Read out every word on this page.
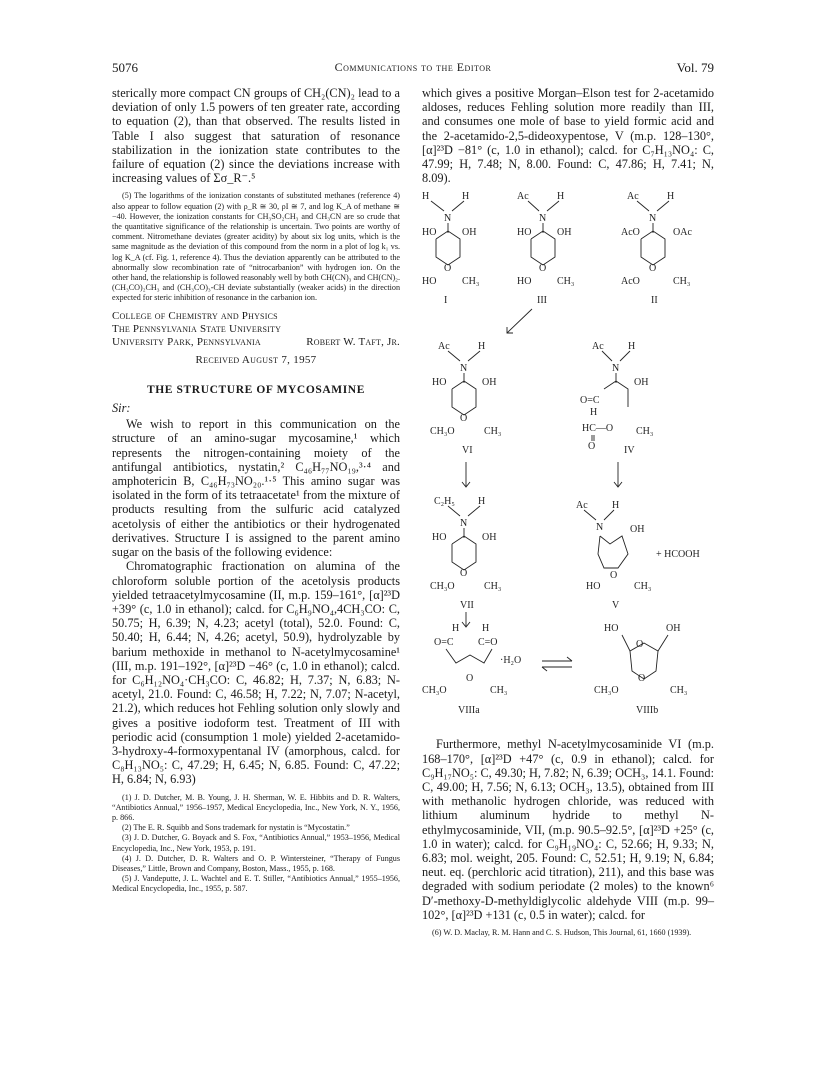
5076	Communications to the Editor	Vol. 79

sterically more compact CN groups of CH₂(CN)₂ lead to a deviation of only 1.5 powers of ten greater rate, according to equation (2), than that observed. The results listed in Table I also suggest that saturation of resonance stabilization in the ionization state contributes to the failure of equation (2) since the deviations increase with increasing values of Σσ_R⁻.⁵

(5) The logarithms of the ionization constants of substituted methanes (reference 4) also appear to follow equation (2) with ρ_R ≅ 30, ρI ≅ 7, and log K_A of methane ≅ −40. However, the ionization constants for CH₃SO₂CH₃ and CH₃CN are so crude that the quantitative significance of the relationship is uncertain. Two points are worthy of comment. Nitromethane deviates (greater acidity) by about six log units, which is the same magnitude as the deviation of this compound from the norm in a plot of log k₁ vs. log K_A (cf. Fig. 1, reference 4). Thus the deviation apparently can be attributed to the abnormally slow recombination rate of “nitrocarbanion” with hydrogen ion. On the other hand, the relationship is followed reasonably well by both CH(CN)₃ and CH(CN)₂. (CH₃CO)₂CH₃ and (CH₃CO)₃-CH deviate substantially (weaker acids) in the direction expected for steric inhibition of resonance in the carbanion ion.

College of Chemistry and Physics
The Pennsylvania State University
University Park, Pennsylvania	Robert W. Taft, Jr.
Received August 7, 1957
THE STRUCTURE OF MYCOSAMINE
Sir:

We wish to report in this communication on the structure of an amino-sugar mycosamine,¹ which represents the nitrogen-containing moiety of the antifungal antibiotics, nystatin,² C₄₆H₇₇NO₁₉,³·⁴ and amphotericin B, C₄₆H₇₃NO₂₀.¹·⁵ This amino sugar was isolated in the form of its tetraacetate¹ from the mixture of products resulting from the sulfuric acid catalyzed acetolysis of either the antibiotics or their hydrogenated derivatives. Structure I is assigned to the parent amino sugar on the basis of the following evidence:

Chromatographic fractionation on alumina of the chloroform soluble portion of the acetolysis products yielded tetraacetylmycosamine (II, m.p. 159–161°, [α]²³D +39° (c, 1.0 in ethanol); calcd. for C₆H₉NO₄,4CH₃CO: C, 50.75; H, 6.39; N, 4.23; acetyl (total), 52.0. Found: C, 50.40; H, 6.44; N, 4.26; acetyl, 50.9), hydrolyzable by barium methoxide in methanol to N-acetylmycosamine¹ (III, m.p. 191–192°, [α]²³D −46° (c, 1.0 in ethanol); calcd. for C₆H₁₂NO₄·CH₃CO: C, 46.82; H, 7.37; N, 6.83; N-acetyl, 21.0. Found: C, 46.58; H, 7.22; N, 7.07; N-acetyl, 21.2), which reduces hot Fehling solution only slowly and gives a positive iodoform test. Treatment of III with periodic acid (consumption 1 mole) yielded 2-acetamido-3-hydroxy-4-formoxypentanal IV (amorphous, calcd. for C₈H₁₃NO₅: C, 47.29; H, 6.45; N, 6.85. Found: C, 47.22; H, 6.84; N, 6.93)

(1) J. D. Dutcher, M. B. Young, J. H. Sherman, W. E. Hibbits and D. R. Walters, “Antibiotics Annual,” 1956–1957, Medical Encyclopedia, Inc., New York, N. Y., 1956, p. 866.

(2) The E. R. Squibb and Sons trademark for nystatin is “Mycostatin.”

(3) J. D. Dutcher, G. Boyack and S. Fox, “Antibiotics Annual,” 1953–1956, Medical Encyclopedia, Inc., New York, 1953, p. 191.

(4) J. D. Dutcher, D. R. Walters and O. P. Wintersteiner, “Therapy of Fungus Diseases,” Little, Brown and Company, Boston, Mass., 1955, p. 168.

(5) J. Vandeputte, J. L. Wachtel and E. T. Stiller, “Antibiotics Annual,” 1955–1956, Medical Encyclopedia, Inc., 1955, p. 587.

which gives a positive Morgan–Elson test for 2-acetamido aldoses, reduces Fehling solution more readily than III, and consumes one mole of base to yield formic acid and the 2-acetamido-2,5-dideoxypentose, V (m.p. 128–130°, [α]²³D −81° (c, 1.0 in ethanol); calcd. for C₇H₁₃NO₄: C, 47.99; H, 7.48; N, 8.00. Found: C, 47.86; H, 7.41; N, 8.09).

H	H
N
HO	OH
O
HO	CH₃
I
Ac	H
N
HO	OH
O
HO	CH₃
III
Ac	H
N
AcO	OAc
O
AcO	CH₃
II
Ac	H
N
HO	OH
O
CH₃O	CH₃
VI
Ac H
N
OH
O=C
H
HC—O
O
CH₃
IV
C₂H₅ H
N
HO	OH
O
CH₃O	CH₃
VII
Ac H
N	OH
O
HO	CH₃
V
+ HCOOH
H H
O=C C=O
·H₂O
O
CH₃O	CH₃
VIIIa
HO	OH
O
O
CH₃O	CH₃
VIIIb

Furthermore, methyl N-acetylmycosaminide VI (m.p. 168–170°, [α]²³D +47° (c, 0.9 in ethanol); calcd. for C₉H₁₇NO₅: C, 49.30; H, 7.82; N, 6.39; OCH₃, 14.1. Found: C, 49.00; H, 7.56; N, 6.13; OCH₃, 13.5), obtained from III with methanolic hydrogen chloride, was reduced with lithium aluminum hydride to methyl N-ethylmycosaminide, VII, (m.p. 90.5–92.5°, [α]²³D +25° (c, 1.0 in water); calcd. for C₉H₁₉NO₄: C, 52.66; H, 9.33; N, 6.83; mol. weight, 205. Found: C, 52.51; H, 9.19; N, 6.84; neut. eq. (perchloric acid titration), 211), and this base was degraded with sodium periodate (2 moles) to the known⁶ D′-methoxy-D-methyldiglycolic aldehyde VIII (m.p. 99–102°, [α]²³D +131 (c, 0.5 in water); calcd. for

(6) W. D. Maclay, R. M. Hann and C. S. Hudson, This Journal, 61, 1660 (1939).
